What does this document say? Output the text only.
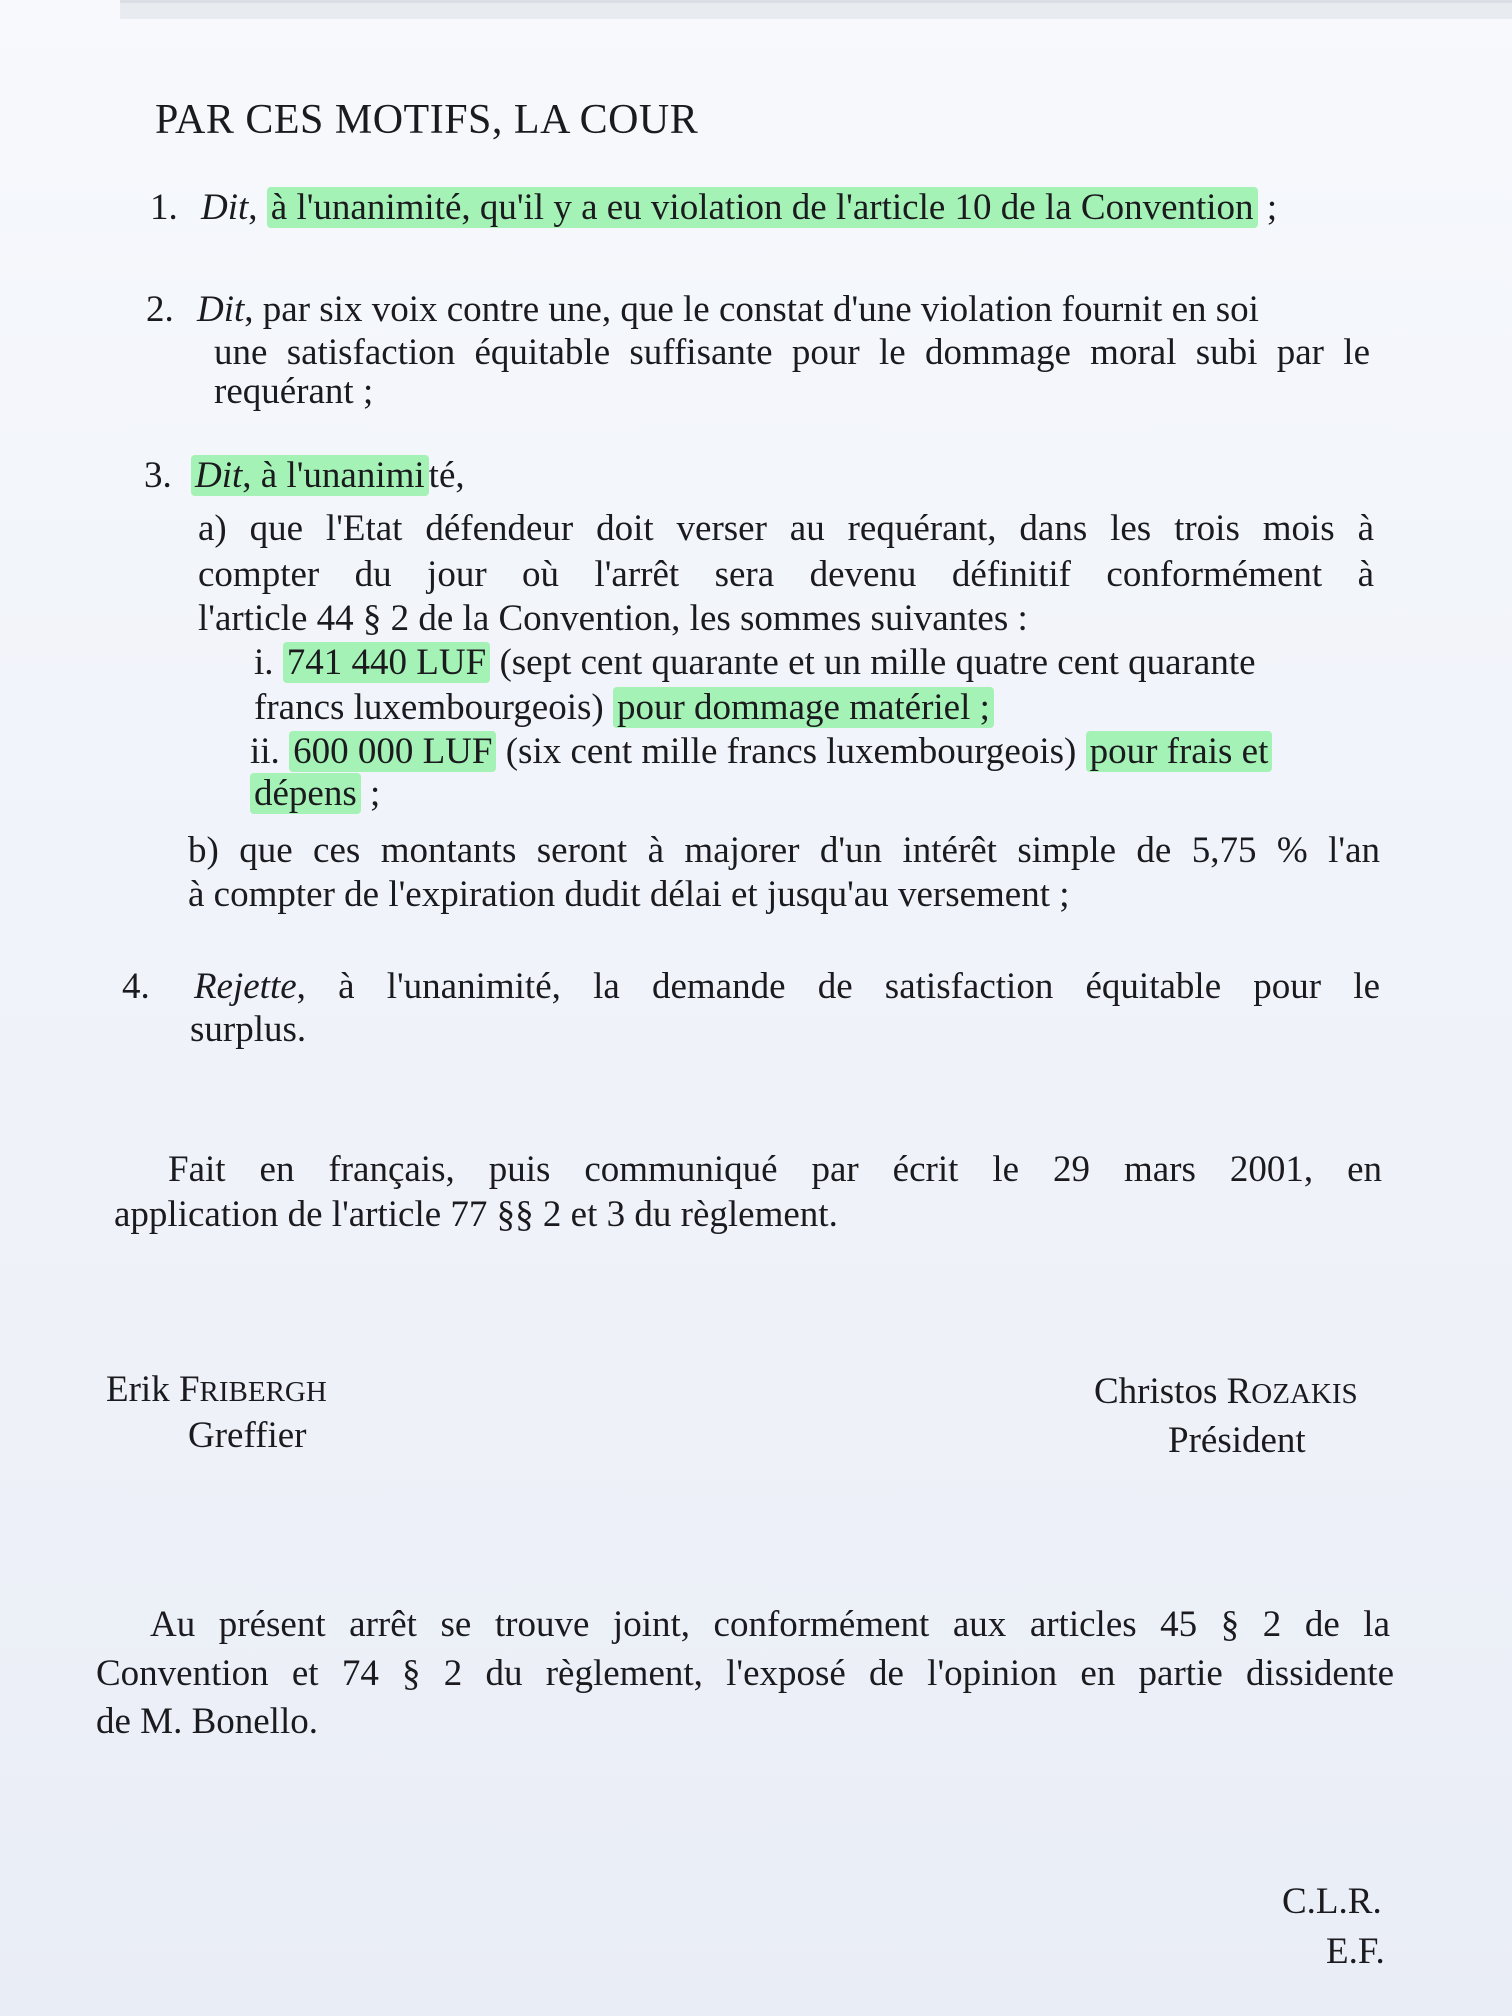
PAR CES MOTIFS, LA COUR
1. Dit, à l'unanimité, qu'il y a eu violation de l'article 10 de la Convention ;
2. Dit, par six voix contre une, que le constat d'une violation fournit en soi
une satisfaction équitable suffisante pour le dommage moral subi par le
requérant ;
3. Dit, à l'unanimi té,
a) que l'Etat défendeur doit verser au requérant, dans les trois mois à
compter du jour où l'arrêt sera devenu définitif conformément à
l'article 44 § 2 de la Convention, les sommes suivantes :
i. 741 440 LUF (sept cent quarante et un mille quatre cent quarante
francs luxembourgeois) pour dommage matériel ;
ii. 600 000 LUF (six cent mille francs luxembourgeois) pour frais et
dépens ;
b) que ces montants seront à majorer d'un intérêt simple de 5,75 % l'an
à compter de l'expiration dudit délai et jusqu'au versement ;
4. Rejette, à l'unanimité, la demande de satisfaction équitable pour le
surplus.
Fait en français, puis communiqué par écrit le 29 mars 2001, en
application de l'article 77 §§ 2 et 3 du règlement.
Erik FRIBERGH
Greffier
Christos ROZAKIS
Président
Au présent arrêt se trouve joint, conformément aux articles 45 § 2 de la
Convention et 74 § 2 du règlement, l'exposé de l'opinion en partie dissidente
de M. Bonello.
C.L.R.
E.F.
